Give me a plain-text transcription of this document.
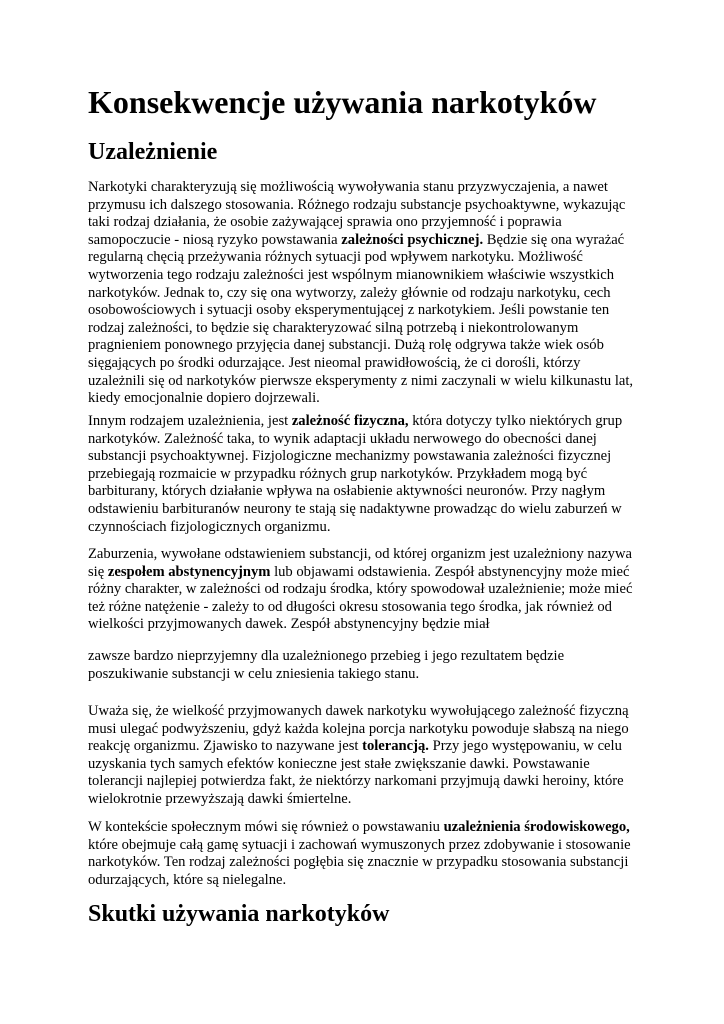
Konsekwencje używania narkotyków
Uzależnienie

Narkotyki charakteryzują się możliwością wywoływania stanu przyzwyczajenia, a nawet
przymusu ich dalszego stosowania. Różnego rodzaju substancje psychoaktywne, wykazując
taki rodzaj działania, że osobie zażywającej sprawia ono przyjemność i poprawia
samopoczucie - niosą ryzyko powstawania zależności psychicznej. Będzie się ona wyrażać
regularną chęcią przeżywania różnych sytuacji pod wpływem narkotyku. Możliwość
wytworzenia tego rodzaju zależności jest wspólnym mianownikiem właściwie wszystkich
narkotyków. Jednak to, czy się ona wytworzy, zależy głównie od rodzaju narkotyku, cech
osobowościowych i sytuacji osoby eksperymentującej z narkotykiem. Jeśli powstanie ten
rodzaj zależności, to będzie się charakteryzować silną potrzebą i niekontrolowanym
pragnieniem ponownego przyjęcia danej substancji. Dużą rolę odgrywa także wiek osób
sięgających po środki odurzające. Jest nieomal prawidłowością, że ci dorośli, którzy
uzależnili się od narkotyków pierwsze eksperymenty z nimi zaczynali w wielu kilkunastu lat,
kiedy emocjonalnie dopiero dojrzewali.

Innym rodzajem uzależnienia, jest zależność fizyczna, która dotyczy tylko niektórych grup
narkotyków. Zależność taka, to wynik adaptacji układu nerwowego do obecności danej
substancji psychoaktywnej. Fizjologiczne mechanizmy powstawania zależności fizycznej
przebiegają rozmaicie w przypadku różnych grup narkotyków. Przykładem mogą być
barbiturany, których działanie wpływa na osłabienie aktywności neuronów. Przy nagłym
odstawieniu barbituranów neurony te stają się nadaktywne prowadząc do wielu zaburzeń w
czynnościach fizjologicznych organizmu.

Zaburzenia, wywołane odstawieniem substancji, od której organizm jest uzależniony nazywa
się zespołem abstynencyjnym lub objawami odstawienia. Zespół abstynencyjny może mieć
różny charakter, w zależności od rodzaju środka, który spowodował uzależnienie; może mieć
też różne natężenie - zależy to od długości okresu stosowania tego środka, jak również od
wielkości przyjmowanych dawek. Zespół abstynencyjny będzie miał

zawsze bardzo nieprzyjemny dla uzależnionego przebieg i jego rezultatem będzie
poszukiwanie substancji w celu zniesienia takiego stanu.

Uważa się, że wielkość przyjmowanych dawek narkotyku wywołującego zależność fizyczną
musi ulegać podwyższeniu, gdyż każda kolejna porcja narkotyku powoduje słabszą na niego
reakcję organizmu. Zjawisko to nazywane jest tolerancją. Przy jego występowaniu, w celu
uzyskania tych samych efektów konieczne jest stałe zwiększanie dawki. Powstawanie
tolerancji najlepiej potwierdza fakt, że niektórzy narkomani przyjmują dawki heroiny, które
wielokrotnie przewyższają dawki śmiertelne.

W kontekście społecznym mówi się również o powstawaniu uzależnienia środowiskowego,
które obejmuje całą gamę sytuacji i zachowań wymuszonych przez zdobywanie i stosowanie
narkotyków. Ten rodzaj zależności pogłębia się znacznie w przypadku stosowania substancji
odurzających, które są nielegalne.

Skutki używania narkotyków
